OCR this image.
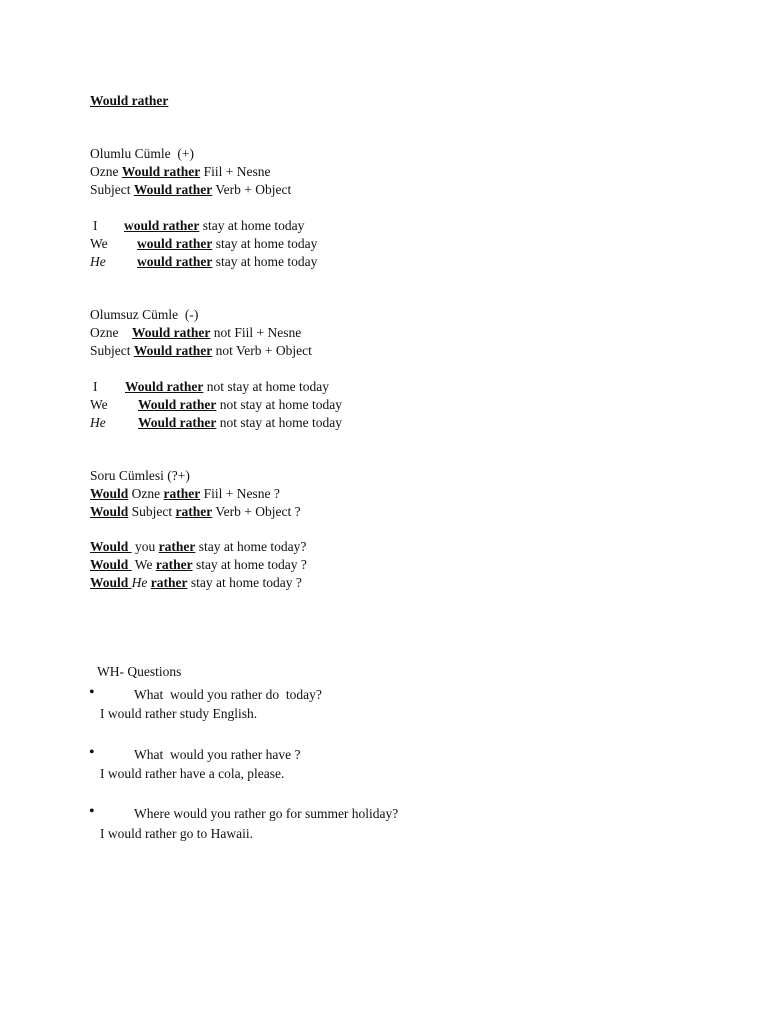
Would rather
Olumlu Cümle  (+)
Ozne Would rather Fiil + Nesne
Subject Would rather Verb + Object
I would rather stay at home today
We would rather stay at home today
He would rather stay at home today
Olumsuz Cümle  (-)
Ozne    Would rather not Fiil + Nesne
Subject Would rather not Verb + Object
I Would rather not stay at home today
We Would rather not stay at home today
He Would rather not stay at home today
Soru Cümlesi (?+)
Would Ozne rather Fiil + Nesne ?
Would Subject rather Verb + Object ?
Would  you rather stay at home today?
Would  We rather stay at home today ?
Would He rather stay at home today ?
WH- Questions
•	What  would you rather do  today?
I would rather study English.
•	What  would you rather have ?
I would rather have a cola, please.
•	Where would you rather go for summer holiday?
I would rather go to Hawaii.
